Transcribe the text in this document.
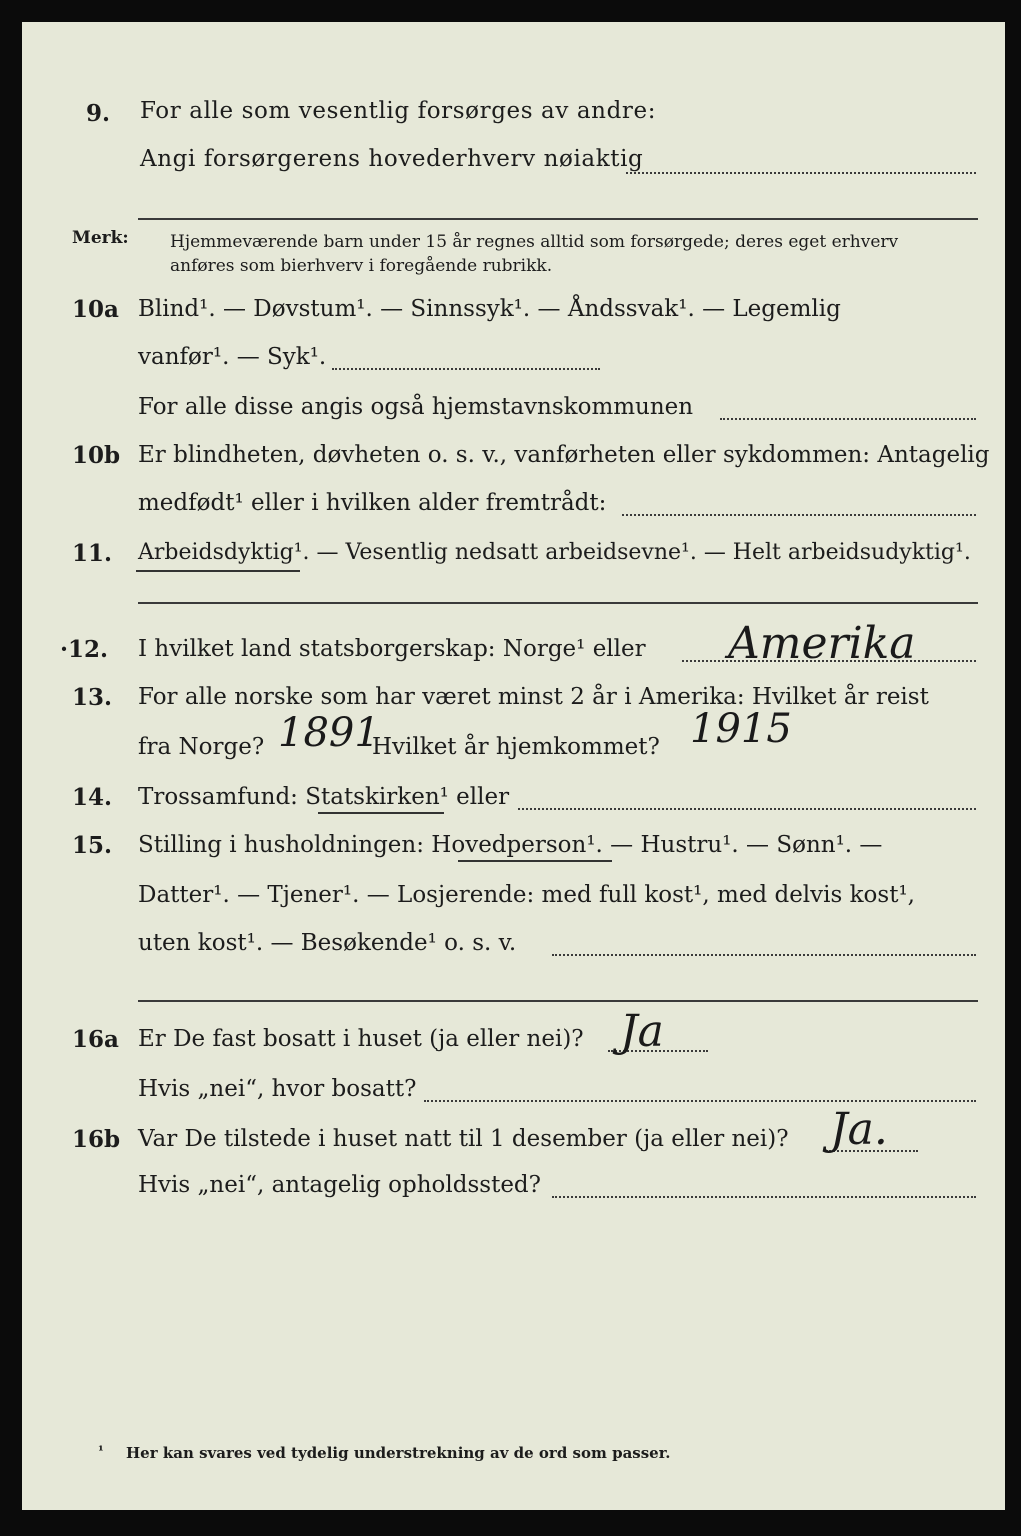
9. For alle som vesentlig forsørges av andre:
Angi forsørgerens hovederhverv nøiaktig
Merk: Hjemmeværende barn under 15 år regnes alltid som forsørgede; deres eget erhverv
anføres som bierhverv i foregående rubrikk.
10a Blind¹. — Døvstum¹. — Sinnssyk¹. — Åndssvak¹. — Legemlig
vanfør¹. — Syk¹.
For alle disse angis også hjemstavnskommunen
10b Er blindheten, døvheten o. s. v., vanførheten eller sykdommen: Antagelig
medfødt¹ eller i hvilken alder fremtrådt:
11. Arbeidsdyktig¹. — Vesentlig nedsatt arbeidsevne¹. — Helt arbeidsudyktig¹.
·12. I hvilket land statsborgerskap: Norge¹ eller Amerika
13. For alle norske som har været minst 2 år i Amerika: Hvilket år reist
fra Norge? 1891
Hvilket år hjemkommet? 1915
14. Trossamfund: Statskirken¹ eller
15. Stilling i husholdningen: Hovedperson¹. — Hustru¹. — Sønn¹. —
Datter¹. — Tjener¹. — Losjerende: med full kost¹, med delvis kost¹,
uten kost¹. — Besøkende¹ o. s. v.
16a Er De fast bosatt i huset (ja eller nei)? Ja
Hvis „nei“, hvor bosatt?
16b Var De tilstede i huset natt til 1 desember (ja eller nei)? Ja.
Hvis „nei“, antagelig opholdssted?
¹ Her kan svares ved tydelig understrekning av de ord som passer.
